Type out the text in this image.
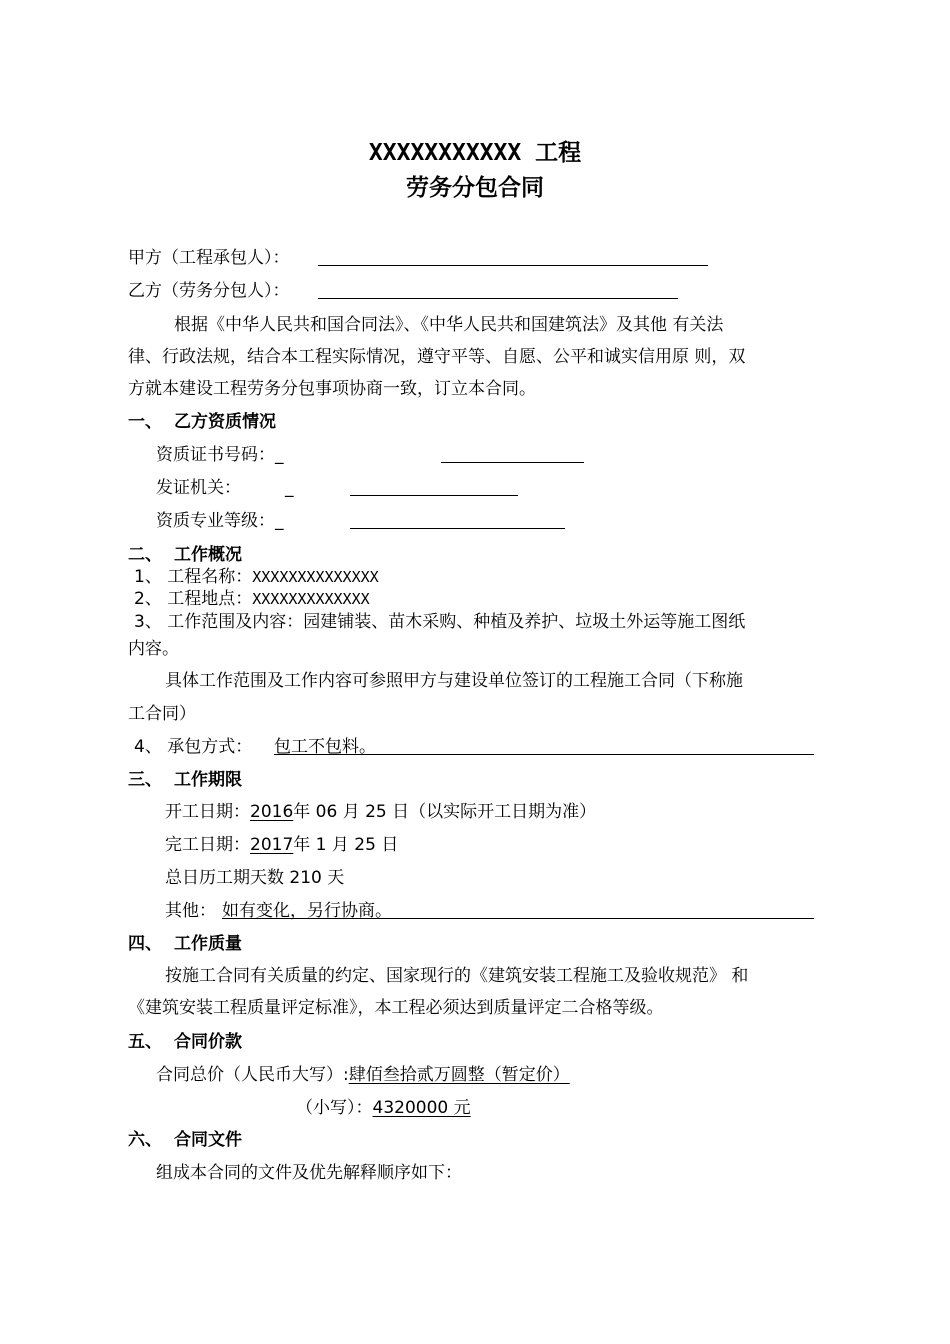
XXXXXXXXXXX 工程
劳务分包合同
甲方（工程承包人）：
乙方（劳务分包人）：
根据《中华人民共和国合同法》、《中华人民共和国建筑法》及其他 有关法
律、行政法规，结合本工程实际情况，遵守平等、自愿、公平和诚实信用原 则，双
方就本建设工程劳务分包事项协商一致，订立本合同。
一、 乙方资质情况
资质证书号码：_
发证机关：	_
资质专业等级：_
二、 工作概况
1、 工程名称：XXXXXXXXXXXXXX
2、 工程地点：XXXXXXXXXXXXX
3、 工作范围及内容：园建铺装、苗木采购、种植及养护、垃圾土外运等施工图纸
内容。
具体工作范围及工作内容可参照甲方与建设单位签订的工程施工合同（下称施
工合同）
4、 承包方式： 包工不包料。
三、 工作期限
开工日期：2016年 06 月 25 日（以实际开工日期为准）
完工日期：2017年 1 月 25 日
总日历工期天数 210 天
其他： 如有变化，另行协商。
四、 工作质量
按施工合同有关质量的约定、国家现行的《建筑安装工程施工及验收规范》 和
《建筑安装工程质量评定标准》，本工程必须达到质量评定二合格等级。
五、 合同价款
合同总价（人民币大写）:肆佰叁拾贰万圆整（暂定价）
（小写）：4320000 元
六、 合同文件
组成本合同的文件及优先解释顺序如下：
